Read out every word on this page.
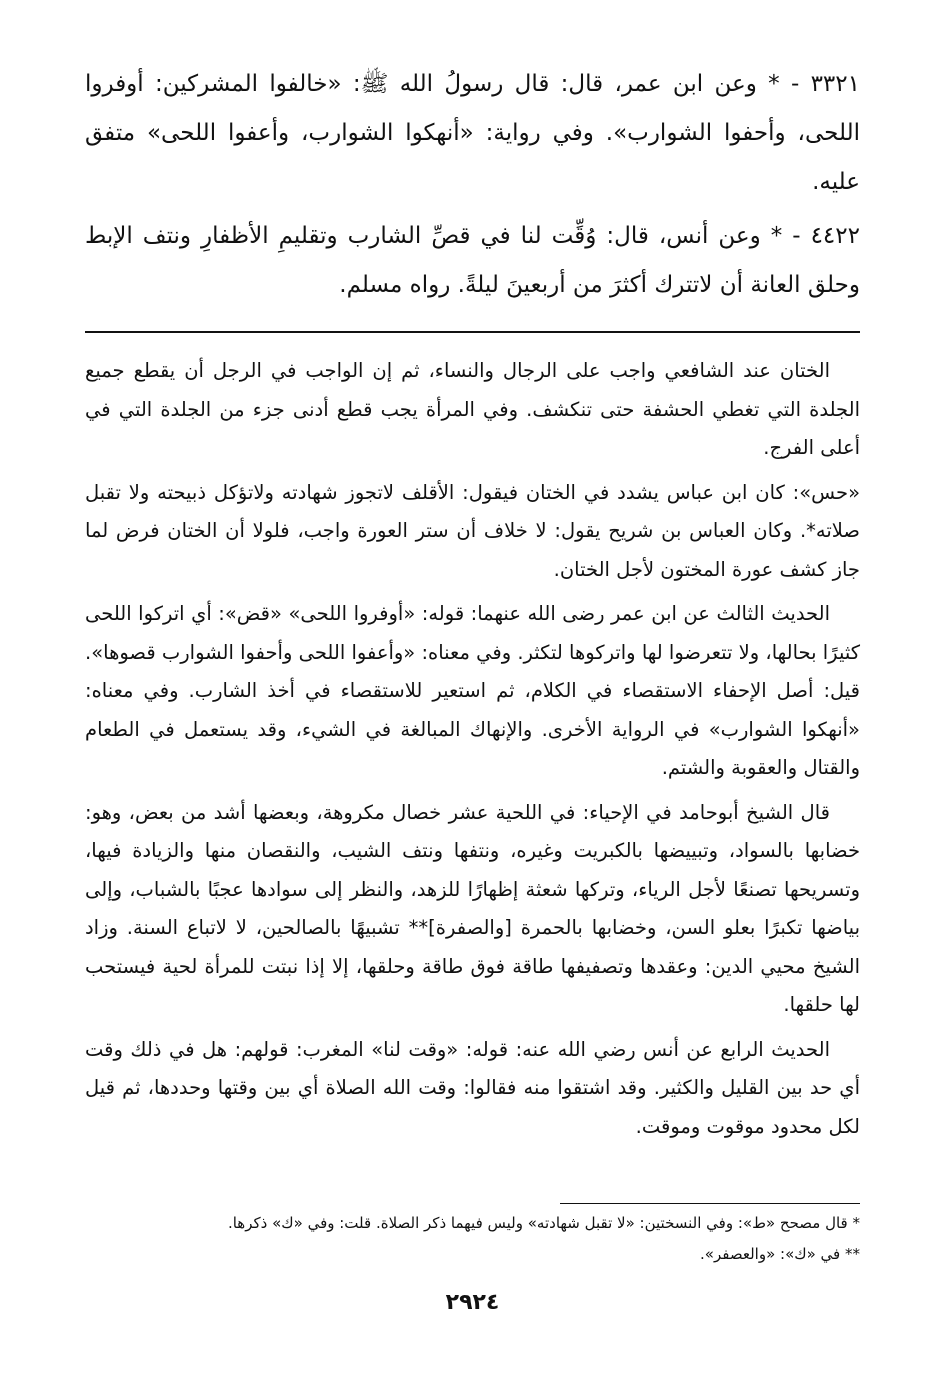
٣٣٢١ - * وعن ابن عمر، قال: قال رسولُ الله ﷺ: «خالفوا المشركين: أوفروا اللحى، وأحفوا الشوارب». وفي رواية: «أنهكوا الشوارب، وأعفوا اللحى» متفق عليه.

٤٤٢٢ - * وعن أنس، قال: وُقِّت لنا في قصِّ الشارب وتقليمِ الأظفارِ ونتف الإبط وحلق العانة أن لاتترك أكثرَ من أربعينَ ليلةً. رواه مسلم.

الختان عند الشافعي واجب على الرجال والنساء، ثم إن الواجب في الرجل أن يقطع جميع الجلدة التي تغطي الحشفة حتى تنكشف. وفي المرأة يجب قطع أدنى جزء من الجلدة التي في أعلى الفرج.

«حس»: كان ابن عباس يشدد في الختان فيقول: الأقلف لاتجوز شهادته ولاتؤكل ذبيحته ولا تقبل صلاته*. وكان العباس بن شريح يقول: لا خلاف أن ستر العورة واجب، فلولا أن الختان فرض لما جاز كشف عورة المختون لأجل الختان.

الحديث الثالث عن ابن عمر رضى الله عنهما: قوله: «أوفروا اللحى» «قض»: أي اتركوا اللحى كثيرًا بحالها، ولا تتعرضوا لها واتركوها لتكثر. وفي معناه: «وأعفوا اللحى وأحفوا الشوارب قصوها». قيل: أصل الإحفاء الاستقصاء في الكلام، ثم استعير للاستقصاء في أخذ الشارب. وفي معناه: «أنهكوا الشوارب» في الرواية الأخرى. والإنهاك المبالغة في الشيء، وقد يستعمل في الطعام والقتال والعقوبة والشتم.

قال الشيخ أبوحامد في الإحياء: في اللحية عشر خصال مكروهة، وبعضها أشد من بعض، وهو: خضابها بالسواد، وتبييضها بالكبريت وغيره، ونتفها ونتف الشيب، والنقصان منها والزيادة فيها، وتسريحها تصنعًا لأجل الرياء، وتركها شعثة إظهارًا للزهد، والنظر إلى سوادها عجبًا بالشباب، وإلى بياضها تكبرًا بعلو السن، وخضابها بالحمرة [والصفرة]** تشبيهًا بالصالحين، لا لاتباع السنة. وزاد الشيخ محيي الدين: وعقدها وتصفيفها طاقة فوق طاقة وحلقها، إلا إذا نبتت للمرأة لحية فيستحب لها حلقها.

الحديث الرابع عن أنس رضي الله عنه: قوله: «وقت لنا» المغرب: قولهم: هل في ذلك وقت أي حد بين القليل والكثير. وقد اشتقوا منه فقالوا: وقت الله الصلاة أي بين وقتها وحددها، ثم قيل لكل محدود موقوت وموقت.

* قال مصحح «ط»: وفي النسختين: «لا تقبل شهادته» وليس فيهما ذكر الصلاة. قلت: وفي «ك» ذكرها.

** في «ك»: «والعصفر».

٢٩٢٤
